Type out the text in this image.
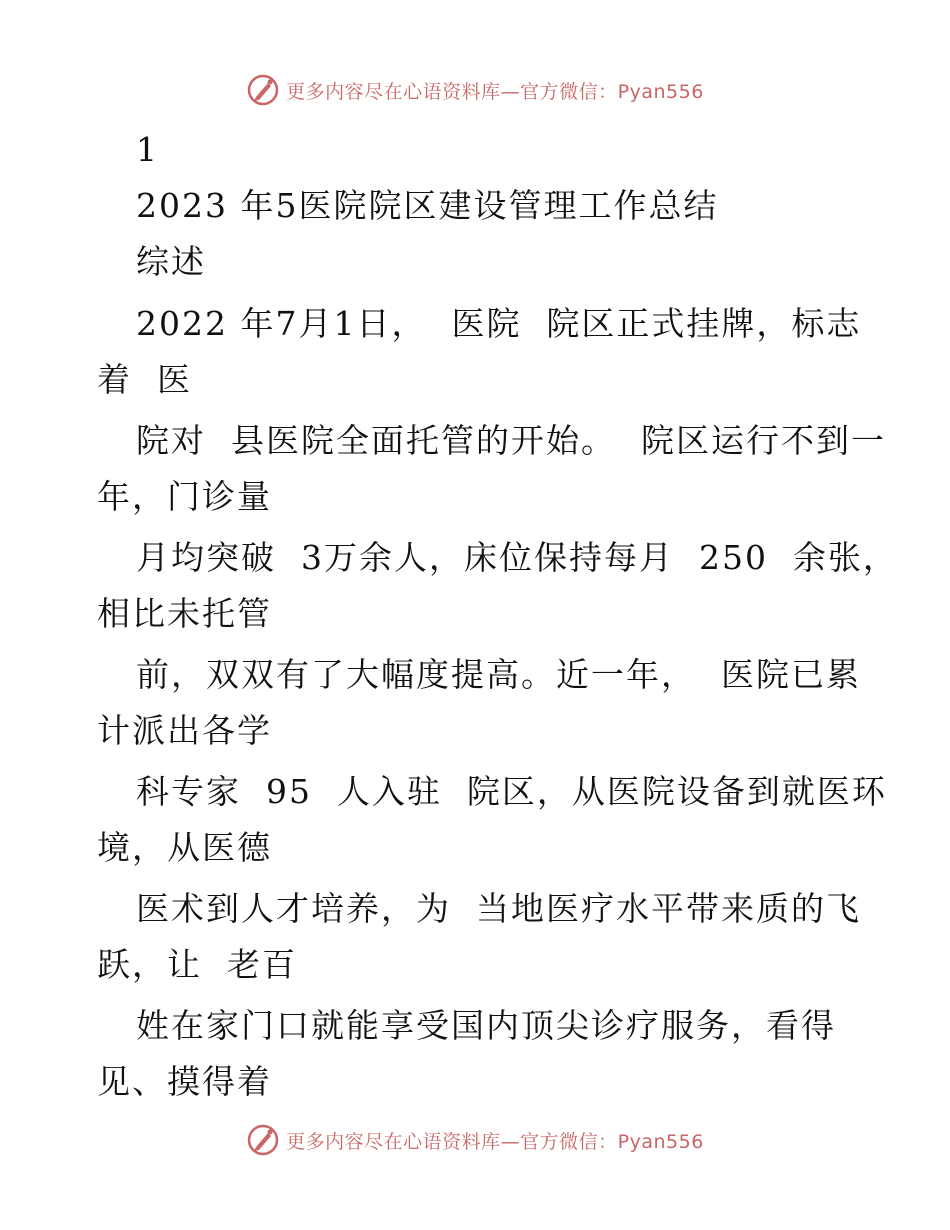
更多内容尽在心语资料库—官方微信：Pyan556
1
2023 年5医院院区建设管理工作总结
综述
2022 年7月1日，  医院  院区正式挂牌，标志
着  医
院对  县医院全面托管的开始。  院区运行不到一
年，门诊量
月均突破  3万余人，床位保持每月  250  余张，
相比未托管
前，双双有了大幅度提高。近一年，  医院已累
计派出各学
科专家  95  人入驻  院区，从医院设备到就医环
境，从医德
医术到人才培养，为  当地医疗水平带来质的飞
跃，让  老百
姓在家门口就能享受国内顶尖诊疗服务，看得
见、摸得着
更多内容尽在心语资料库—官方微信：Pyan556
